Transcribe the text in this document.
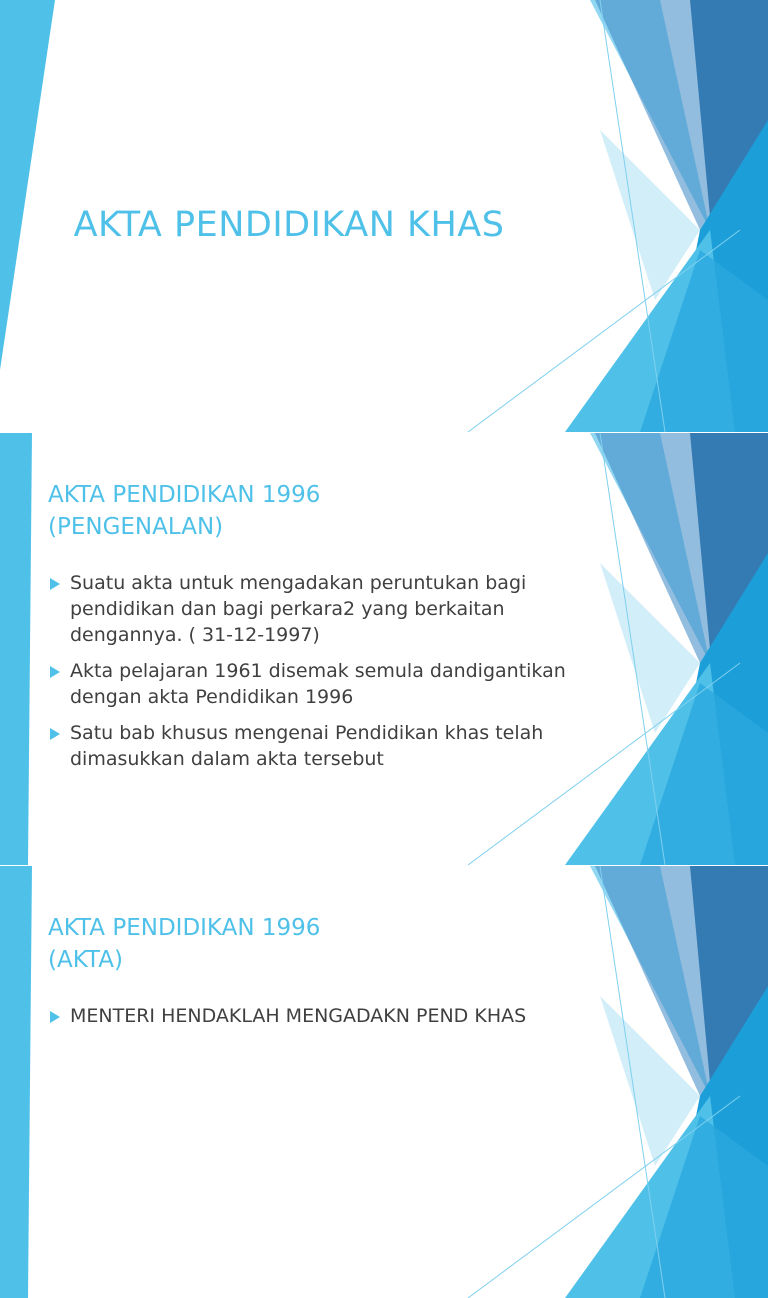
AKTA PENDIDIKAN KHAS
AKTA PENDIDIKAN 1996
(PENGENALAN)
Suatu akta untuk mengadakan peruntukan bagi pendidikan dan bagi perkara2 yang berkaitan dengannya. ( 31-12-1997)
Akta pelajaran 1961 disemak semula dandigantikan dengan akta Pendidikan 1996
Satu bab khusus mengenai Pendidikan khas telah dimasukkan dalam akta tersebut
AKTA PENDIDIKAN 1996
(AKTA)
MENTERI HENDAKLAH MENGADAKN PEND KHAS
